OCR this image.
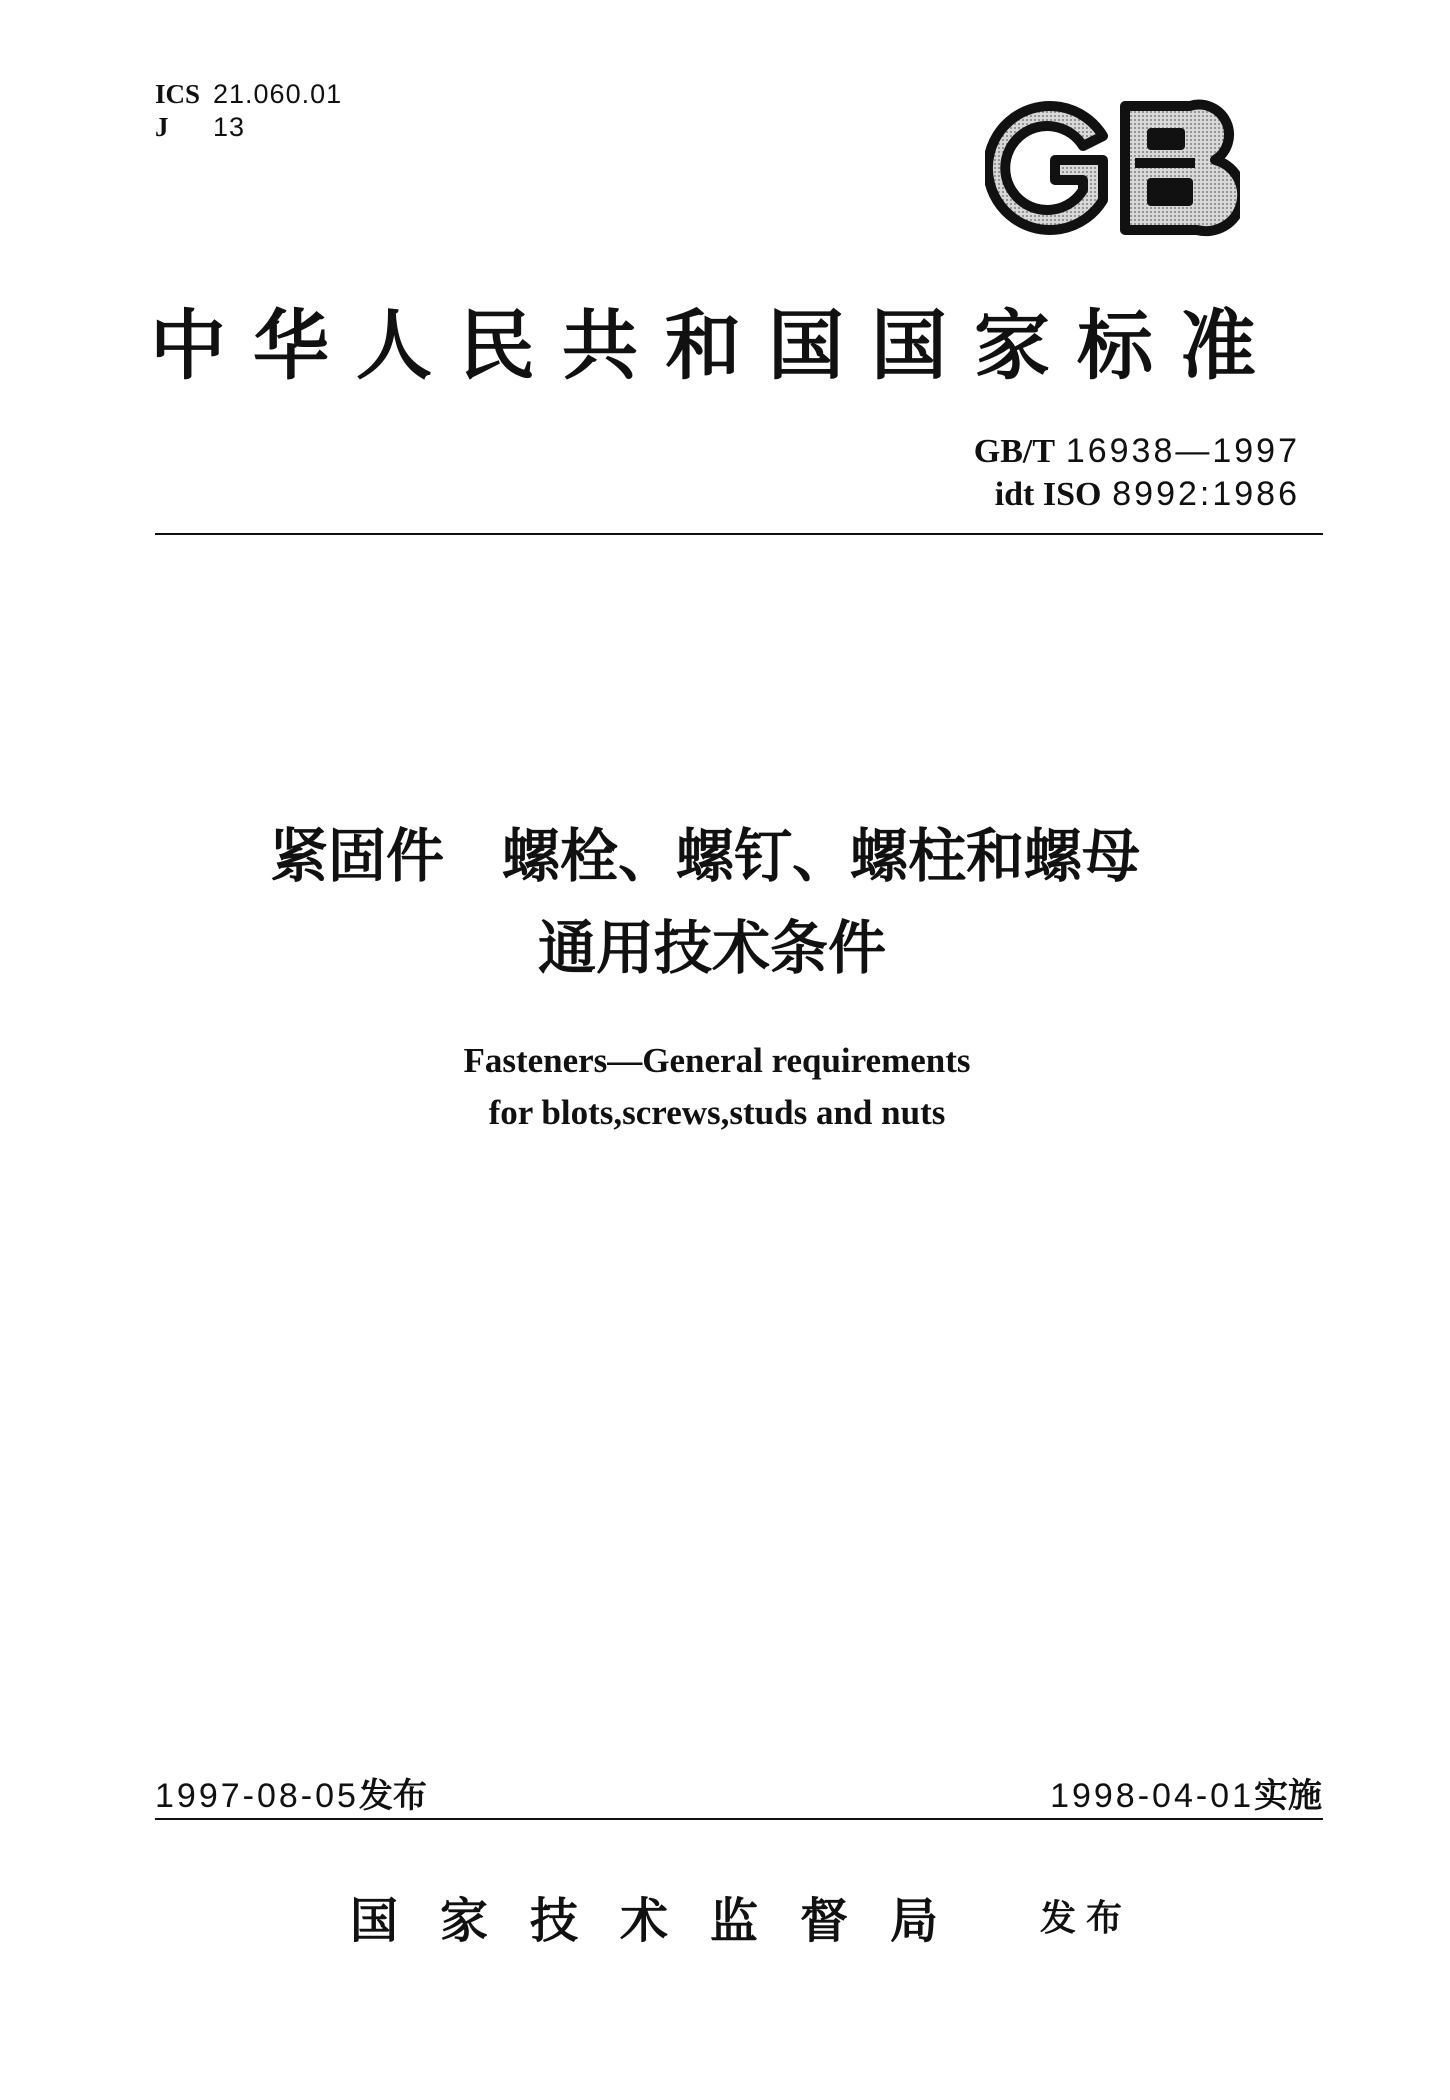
ICS 21.060.01
J 13
中华人民共和国国家标准
GB/T 16938—1997
idt ISO 8992:1986
紧固件　螺栓、螺钉、螺柱和螺母
通用技术条件
Fasteners—General requirements
for blots,screws,studs and nuts
1997-08-05发布	1998-04-01实施
国家技术监督局 发布
